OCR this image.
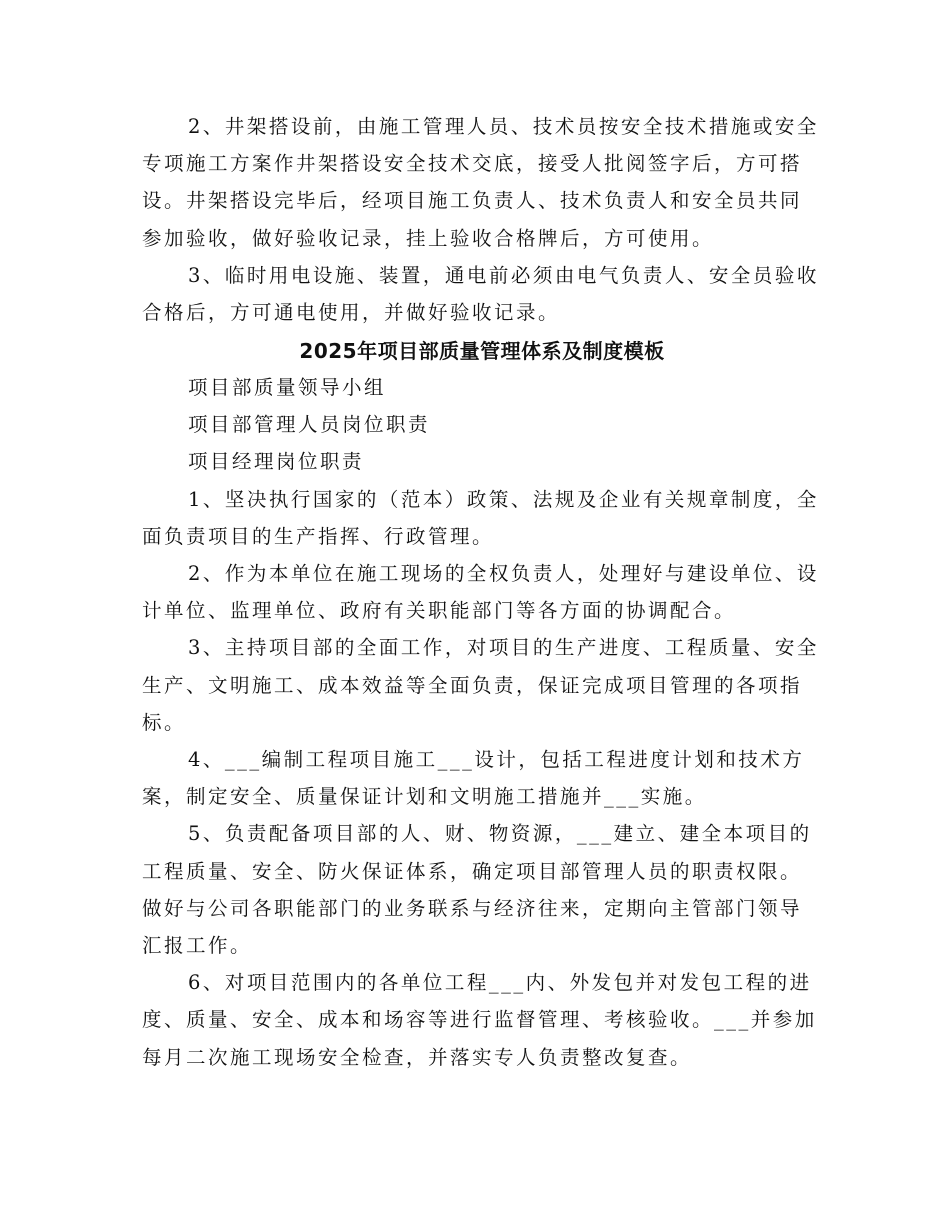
2、井架搭设前，由施工管理人员、技术员按安全技术措施或安全专项施工方案作井架搭设安全技术交底，接受人批阅签字后，方可搭设。井架搭设完毕后，经项目施工负责人、技术负责人和安全员共同参加验收，做好验收记录，挂上验收合格牌后，方可使用。

3、临时用电设施、装置，通电前必须由电气负责人、安全员验收合格后，方可通电使用，并做好验收记录。

2025年项目部质量管理体系及制度模板

项目部质量领导小组

项目部管理人员岗位职责

项目经理岗位职责

1、坚决执行国家的（范本）政策、法规及企业有关规章制度，全面负责项目的生产指挥、行政管理。

2、作为本单位在施工现场的全权负责人，处理好与建设单位、设计单位、监理单位、政府有关职能部门等各方面的协调配合。

3、主持项目部的全面工作，对项目的生产进度、工程质量、安全生产、文明施工、成本效益等全面负责，保证完成项目管理的各项指标。

4、___编制工程项目施工___设计，包括工程进度计划和技术方案，制定安全、质量保证计划和文明施工措施并___实施。

5、负责配备项目部的人、财、物资源，___建立、建全本项目的工程质量、安全、防火保证体系，确定项目部管理人员的职责权限。做好与公司各职能部门的业务联系与经济往来，定期向主管部门领导汇报工作。

6、对项目范围内的各单位工程___内、外发包并对发包工程的进度、质量、安全、成本和场容等进行监督管理、考核验收。___并参加每月二次施工现场安全检查，并落实专人负责整改复查。
